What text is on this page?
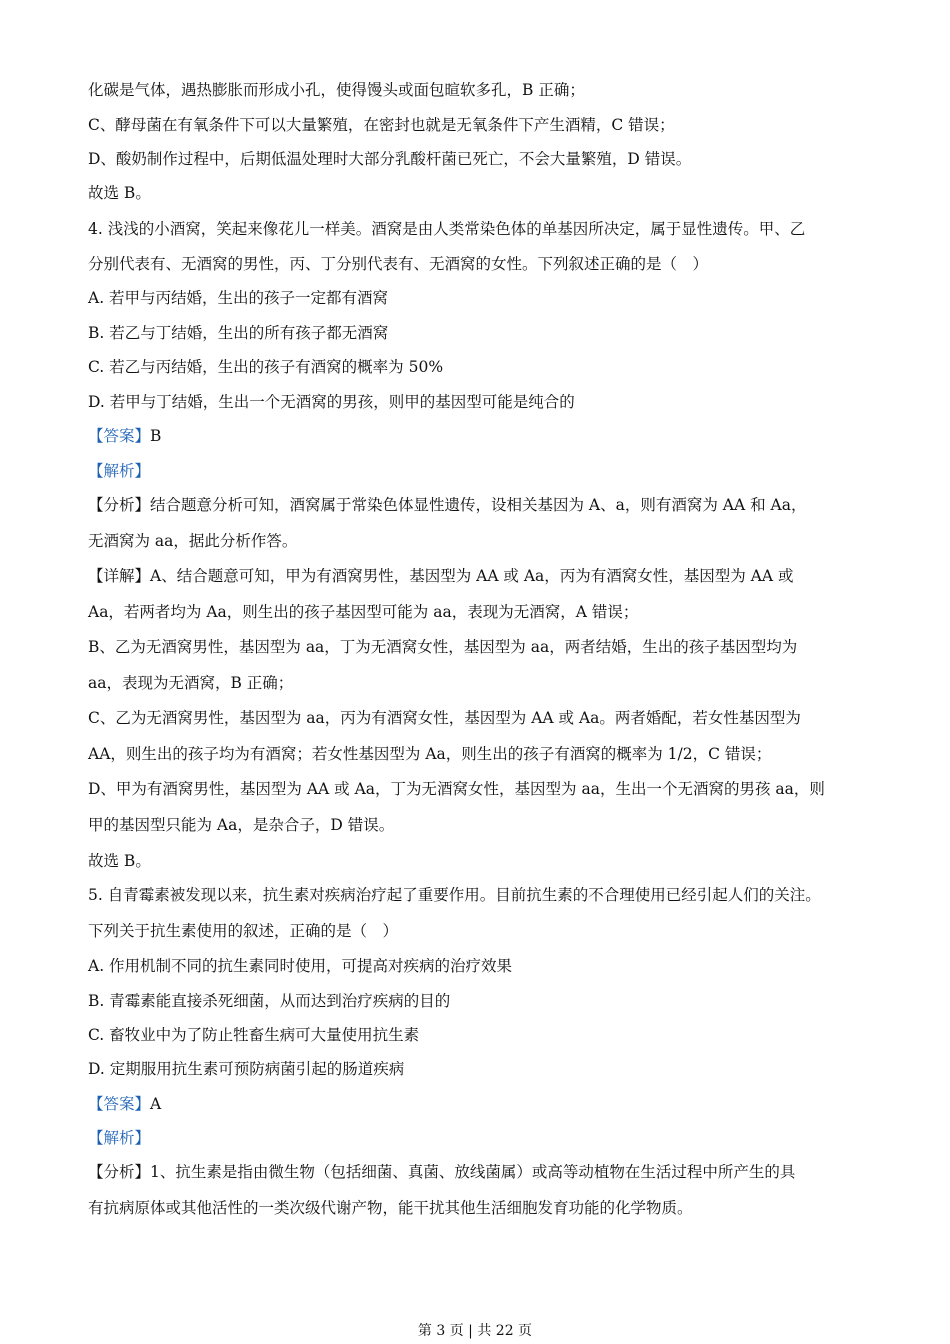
化碳是气体，遇热膨胀而形成小孔，使得馒头或面包暄软多孔，B 正确；
C、酵母菌在有氧条件下可以大量繁殖，在密封也就是无氧条件下产生酒精，C 错误；
D、酸奶制作过程中，后期低温处理时大部分乳酸杆菌已死亡，不会大量繁殖，D 错误。
故选 B。
4. 浅浅的小酒窝，笑起来像花儿一样美。酒窝是由人类常染色体的单基因所决定，属于显性遗传。甲、乙
分别代表有、无酒窝的男性，丙、丁分别代表有、无酒窝的女性。下列叙述正确的是（　）
A. 若甲与丙结婚，生出的孩子一定都有酒窝
B. 若乙与丁结婚，生出的所有孩子都无酒窝
C. 若乙与丙结婚，生出的孩子有酒窝的概率为 50%
D. 若甲与丁结婚，生出一个无酒窝的男孩，则甲的基因型可能是纯合的
【答案】B
【解析】
【分析】结合题意分析可知，酒窝属于常染色体显性遗传，设相关基因为 A、a，则有酒窝为 AA 和 Aa，
无酒窝为 aa，据此分析作答。
【详解】A、结合题意可知，甲为有酒窝男性，基因型为 AA 或 Aa，丙为有酒窝女性，基因型为 AA 或
Aa，若两者均为 Aa，则生出的孩子基因型可能为 aa，表现为无酒窝，A 错误；
B、乙为无酒窝男性，基因型为 aa，丁为无酒窝女性，基因型为 aa，两者结婚，生出的孩子基因型均为
aa，表现为无酒窝，B 正确；
C、乙为无酒窝男性，基因型为 aa，丙为有酒窝女性，基因型为 AA 或 Aa。两者婚配，若女性基因型为
AA，则生出的孩子均为有酒窝；若女性基因型为 Aa，则生出的孩子有酒窝的概率为 1/2，C 错误；
D、甲为有酒窝男性，基因型为 AA 或 Aa，丁为无酒窝女性，基因型为 aa，生出一个无酒窝的男孩 aa，则
甲的基因型只能为 Aa，是杂合子，D 错误。
故选 B。
5. 自青霉素被发现以来，抗生素对疾病治疗起了重要作用。目前抗生素的不合理使用已经引起人们的关注。
下列关于抗生素使用的叙述，正确的是（　）
A. 作用机制不同的抗生素同时使用，可提高对疾病的治疗效果
B. 青霉素能直接杀死细菌，从而达到治疗疾病的目的
C. 畜牧业中为了防止牲畜生病可大量使用抗生素
D. 定期服用抗生素可预防病菌引起的肠道疾病
【答案】A
【解析】
【分析】1、抗生素是指由微生物（包括细菌、真菌、放线菌属）或高等动植物在生活过程中所产生的具
有抗病原体或其他活性的一类次级代谢产物，能干扰其他生活细胞发育功能的化学物质。
第 3 页 | 共 22 页
